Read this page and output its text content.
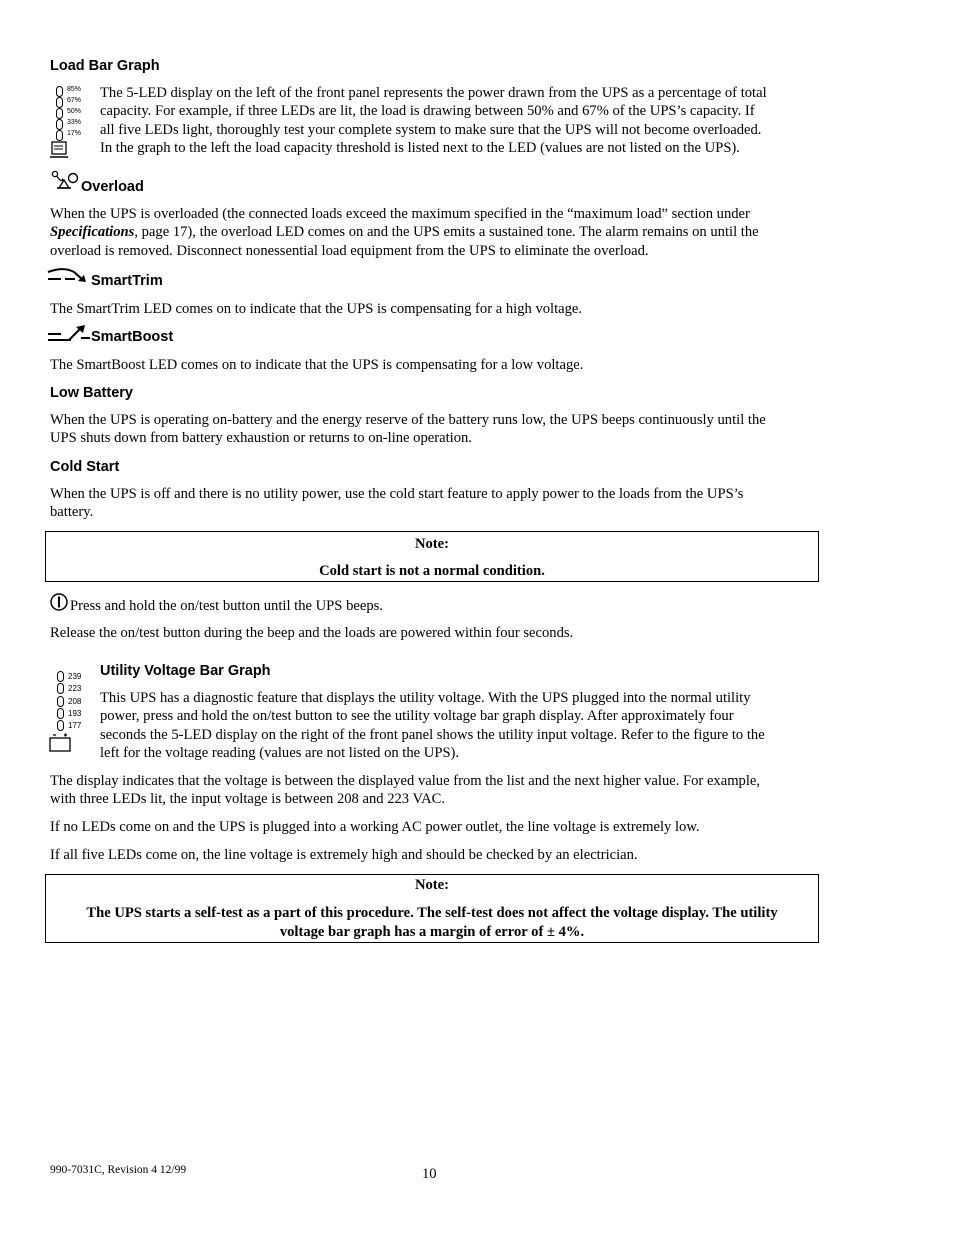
Load Bar Graph
85%
67%
50%
33%
17%
The 5-LED display on the left of the front panel represents the power drawn from the UPS as a percentage of total
capacity. For example, if three LEDs are lit, the load is drawing between 50% and 67% of the UPS’s capacity. If
all five LEDs light, thoroughly test your complete system to make sure that the UPS will not become overloaded.
In the graph to the left the load capacity threshold is listed next to the LED (values are not listed on the UPS).
Overload
When the UPS is overloaded (the connected loads exceed the maximum specified in the “maximum load” section under
Specifications, page 17), the overload LED comes on and the UPS emits a sustained tone. The alarm remains on until the
overload is removed. Disconnect nonessential load equipment from the UPS to eliminate the overload.
SmartTrim
The SmartTrim LED comes on to indicate that the UPS is compensating for a high voltage.
SmartBoost
The SmartBoost LED comes on to indicate that the UPS is compensating for a low voltage.
Low Battery
When the UPS is operating on-battery and the energy reserve of the battery runs low, the UPS beeps continuously until the
UPS shuts down from battery exhaustion or returns to on-line operation.
Cold Start
When the UPS is off and there is no utility power, use the cold start feature to apply power to the loads from the UPS’s
battery.
Note:
Cold start is not a normal condition.
Press and hold the on/test button until the UPS beeps.
Release the on/test button during the beep and the loads are powered within four seconds.
Utility Voltage Bar Graph
239
223
208
193
177
This UPS has a diagnostic feature that displays the utility voltage. With the UPS plugged into the normal utility
power, press and hold the on/test button to see the utility voltage bar graph display. After approximately four
seconds the 5-LED display on the right of the front panel shows the utility input voltage. Refer to the figure to the
left for the voltage reading (values are not listed on the UPS).
The display indicates that the voltage is between the displayed value from the list and the next higher value. For example,
with three LEDs lit, the input voltage is between 208 and 223 VAC.
If no LEDs come on and the UPS is plugged into a working AC power outlet, the line voltage is extremely low.
If all five LEDs come on, the line voltage is extremely high and should be checked by an electrician.
Note:
The UPS starts a self-test as a part of this procedure. The self-test does not affect the voltage display. The utility
voltage bar graph has a margin of error of ± 4%.
990-7031C, Revision 4 12/99	10
